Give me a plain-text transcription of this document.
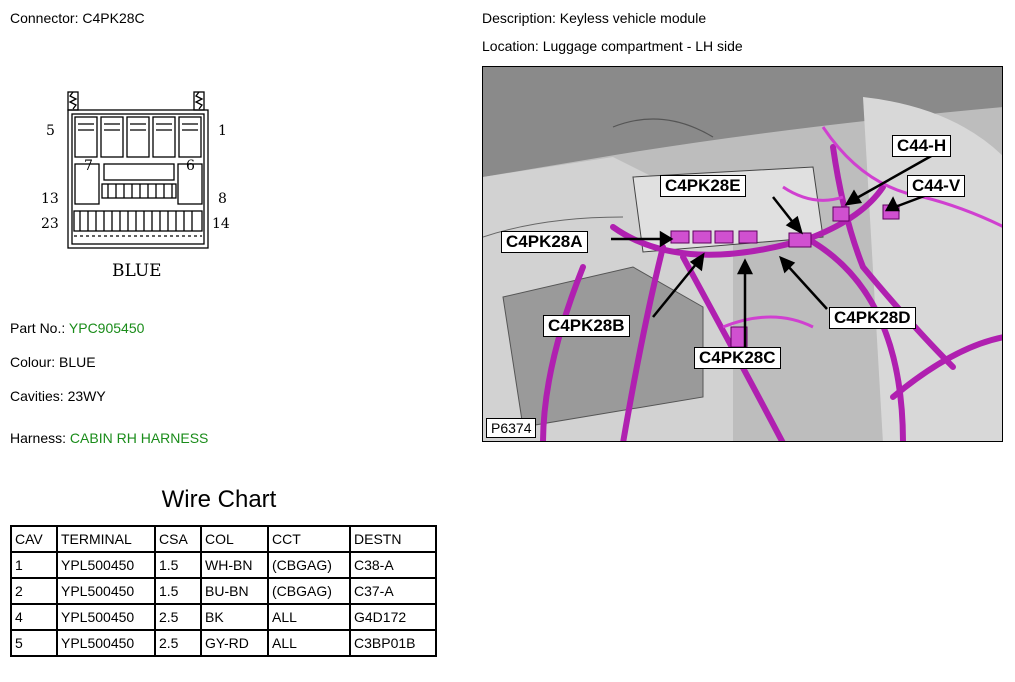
Connector: C4PK28C
5	1
7	6
13	8
23	14
BLUE
Part No.: YPC905450
Colour: BLUE
Cavities: 23WY
Harness: CABIN RH HARNESS
Wire Chart
CAV	TERMINAL	CSA	COL	CCT	DESTN
1	YPL500450	1.5	WH-BN	(CBGAG)	C38-A
2	YPL500450	1.5	BU-BN	(CBGAG)	C37-A
4	YPL500450	2.5	BK	ALL	G4D172
5	YPL500450	2.5	GY-RD	ALL	C3BP01B
Description: Keyless vehicle module
Location: Luggage compartment - LH side
C44-H
C44-V
C4PK28E
C4PK28A
C4PK28B	C4PK28D
C4PK28C
P6374
